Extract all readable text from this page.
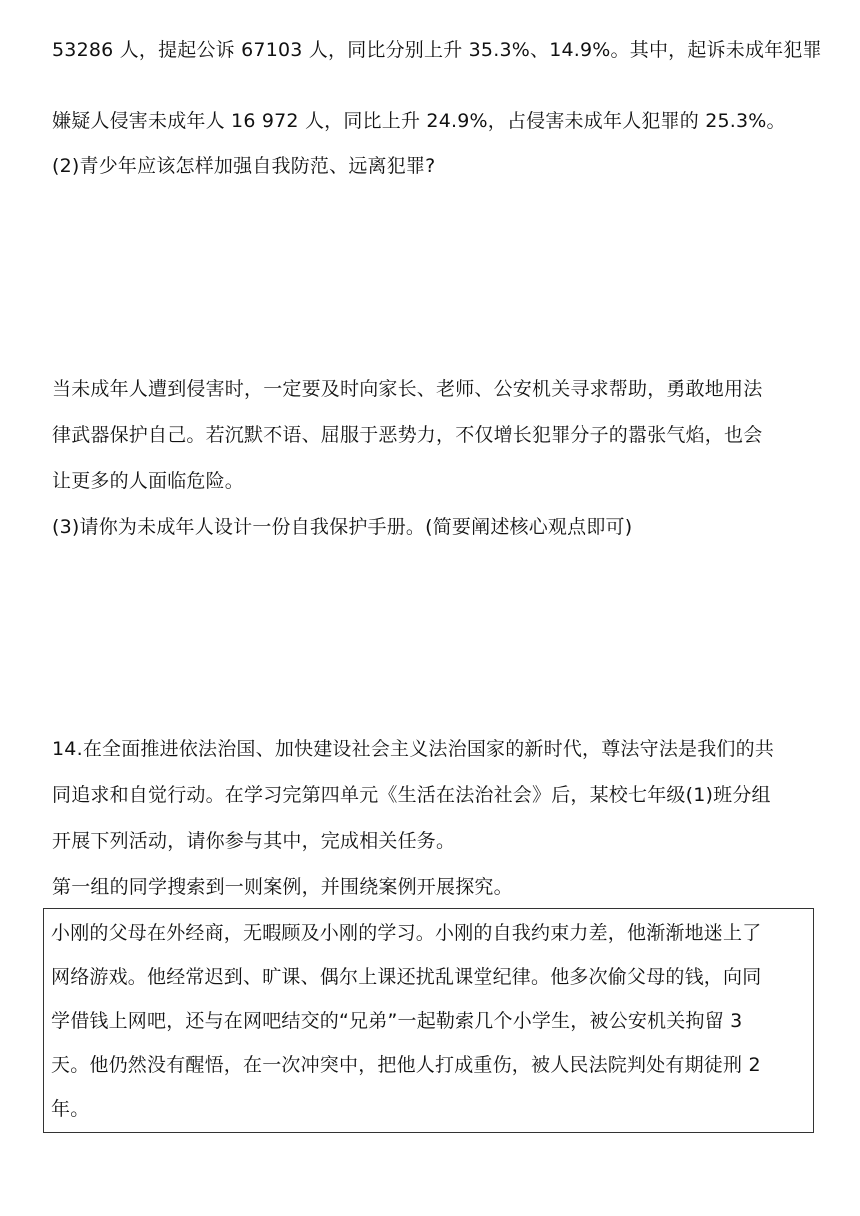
53286 人，提起公诉 67103 人，同比分别上升 35.3%、14.9%。其中，起诉未成年犯罪
嫌疑人侵害未成年人 16 972 人，同比上升 24.9%，占侵害未成年人犯罪的 25.3%。
(2)青少年应该怎样加强自我防范、远离犯罪?
当未成年人遭到侵害时，一定要及时向家长、老师、公安机关寻求帮助，勇敢地用法
律武器保护自己。若沉默不语、屈服于恶势力，不仅增长犯罪分子的嚣张气焰，也会
让更多的人面临危险。
(3)请你为未成年人设计一份自我保护手册。(简要阐述核心观点即可)
14.在全面推进依法治国、加快建设社会主义法治国家的新时代，尊法守法是我们的共
同追求和自觉行动。在学习完第四单元《生活在法治社会》后，某校七年级(1)班分组
开展下列活动，请你参与其中，完成相关任务。
第一组的同学搜索到一则案例，并围绕案例开展探究。
小刚的父母在外经商，无暇顾及小刚的学习。小刚的自我约束力差，他渐渐地迷上了
网络游戏。他经常迟到、旷课、偶尔上课还扰乱课堂纪律。他多次偷父母的钱，向同
学借钱上网吧，还与在网吧结交的“兄弟”一起勒索几个小学生，被公安机关拘留 3
天。他仍然没有醒悟，在一次冲突中，把他人打成重伤，被人民法院判处有期徒刑 2
年。
